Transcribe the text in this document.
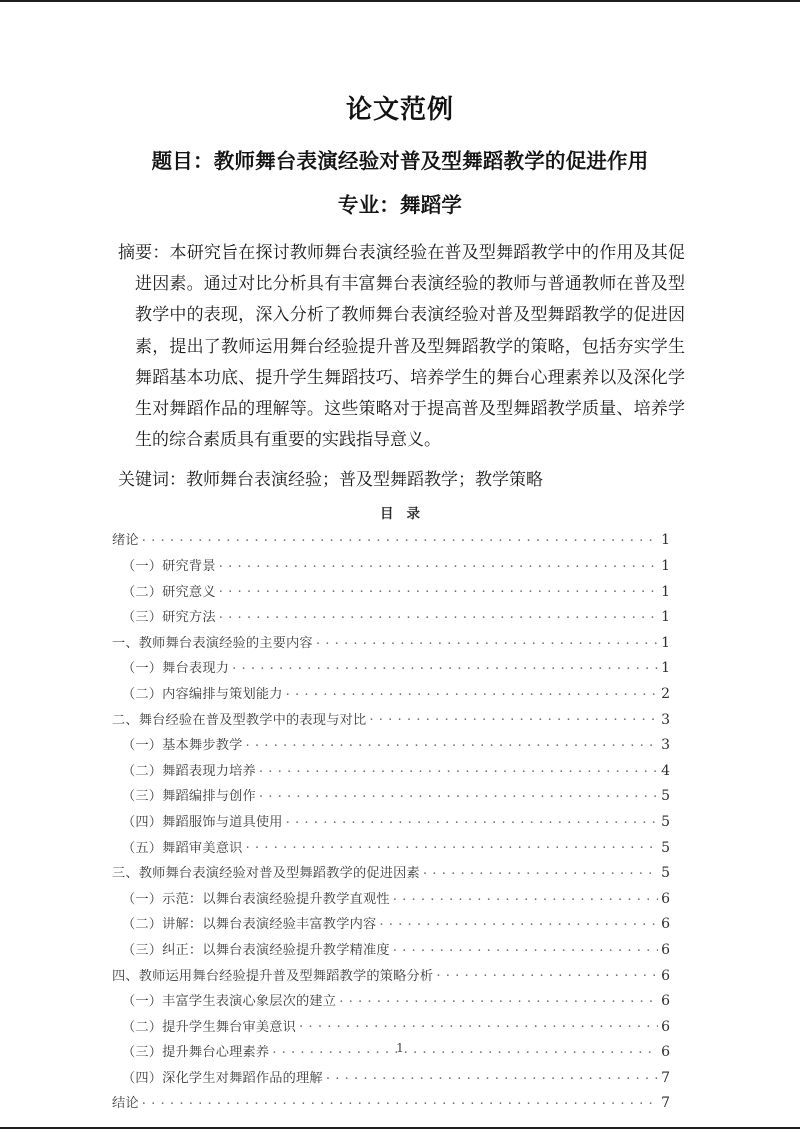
论文范例
题目：教师舞台表演经验对普及型舞蹈教学的促进作用
专业：舞蹈学

摘要：本研究旨在探讨教师舞台表演经验在普及型舞蹈教学中的作用及其促进因素。通过对比分析具有丰富舞台表演经验的教师与普通教师在普及型教学中的表现，深入分析了教师舞台表演经验对普及型舞蹈教学的促进因素，提出了教师运用舞台经验提升普及型舞蹈教学的策略，包括夯实学生舞蹈基本功底、提升学生舞蹈技巧、培养学生的舞台心理素养以及深化学生对舞蹈作品的理解等。这些策略对于提高普及型舞蹈教学质量、培养学生的综合素质具有重要的实践指导意义。

关键词：教师舞台表演经验；普及型舞蹈教学；教学策略

目 录
绪论 . . .	1
（一）研究背景 . . .	1
（二）研究意义 . . .	1
（三）研究方法 . . .	1
一、教师舞台表演经验的主要内容 . . .	1
（一）舞台表现力 . . .	1
（二）内容编排与策划能力 . . .	2
二、舞台经验在普及型教学中的表现与对比 . . .	3
（一）基本舞步教学 . . .	3
（二）舞蹈表现力培养 . . .	4
（三）舞蹈编排与创作 . . .	5
（四）舞蹈服饰与道具使用 . . .	5
（五）舞蹈审美意识 . . .	5
三、教师舞台表演经验对普及型舞蹈教学的促进因素 . . .	5
（一）示范：以舞台表演经验提升教学直观性 . . .	6
（二）讲解：以舞台表演经验丰富教学内容 . . .	6
（三）纠正：以舞台表演经验提升教学精准度 . . .	6
四、教师运用舞台经验提升普及型舞蹈教学的策略分析 . . .	6
（一）丰富学生表演心象层次的建立 . . .	6
（二）提升学生舞台审美意识 . . .	6
（三）提升舞台心理素养 . . .	6
（四）深化学生对舞蹈作品的理解 . . .	7
结论 . . .	7
1
